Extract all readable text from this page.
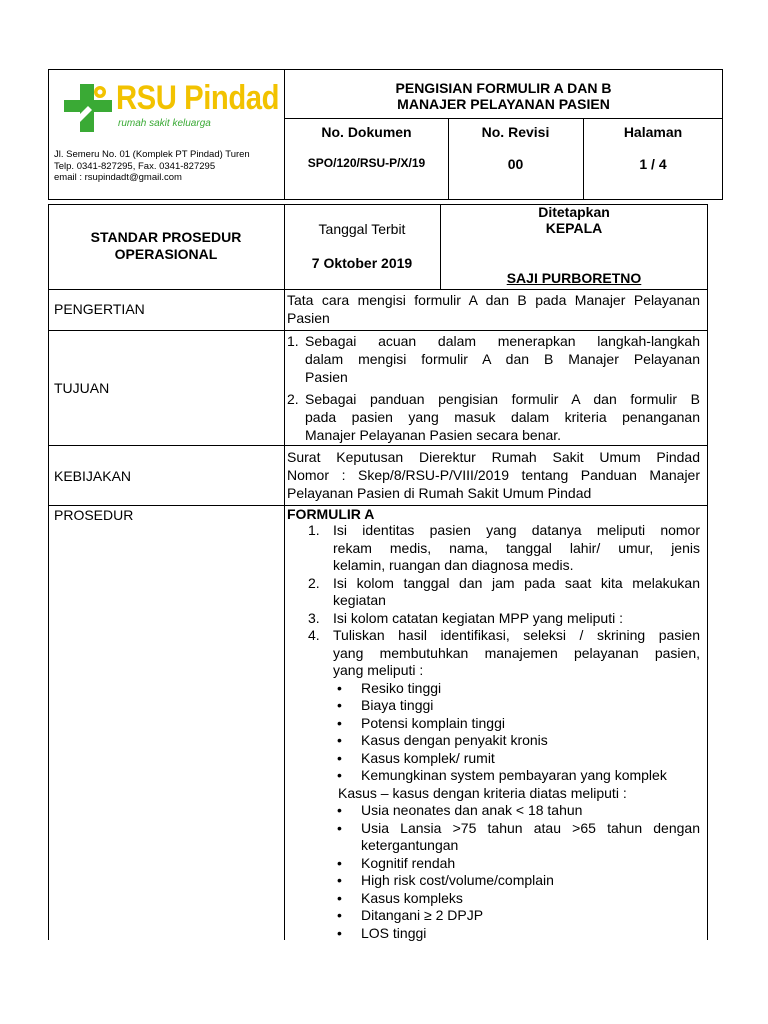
RSU Pindad
rumah sakit keluarga
Jl. Semeru No. 01 (Komplek PT Pindad) Turen
Telp. 0341-827295, Fax. 0341-827295
email : rsupindadt@gmail.com
PENGISIAN FORMULIR A DAN B
MANAJER PELAYANAN PASIEN
No. Dokumen
SPO/120/RSU-P/X/19
No. Revisi
00
Halaman
1 / 4
STANDAR PROSEDUR
OPERASIONAL
Tanggal Terbit
7 Oktober 2019
Ditetapkan
KEPALA
SAJI PURBORETNO
PENGERTIAN
Tata cara mengisi formulir A dan B pada Manajer Pelayanan
Pasien
TUJUAN
1. Sebagai acuan dalam menerapkan langkah-langkah
dalam mengisi formulir A dan B Manajer Pelayanan
Pasien
2. Sebagai panduan pengisian formulir A dan formulir B
pada pasien yang masuk dalam kriteria penanganan
Manajer Pelayanan Pasien secara benar.
KEBIJAKAN
Surat Keputusan Dierektur Rumah Sakit Umum Pindad
Nomor : Skep/8/RSU-P/VIII/2019 tentang Panduan Manajer
Pelayanan Pasien di Rumah Sakit Umum Pindad
PROSEDUR	FORMULIR A
1. Isi identitas pasien yang datanya meliputi nomor
rekam medis, nama, tanggal lahir/ umur, jenis
kelamin, ruangan dan diagnosa medis.
2. Isi kolom tanggal dan jam pada saat kita melakukan
kegiatan
3. Isi kolom catatan kegiatan MPP yang meliputi :
4. Tuliskan hasil identifikasi, seleksi / skrining pasien
yang membutuhkan manajemen pelayanan pasien,
yang meliputi :
• Resiko tinggi
• Biaya tinggi
• Potensi komplain tinggi
• Kasus dengan penyakit kronis
• Kasus komplek/ rumit
• Kemungkinan system pembayaran yang komplek
Kasus – kasus dengan kriteria diatas meliputi :
• Usia neonates dan anak < 18 tahun
• Usia Lansia >75 tahun atau >65 tahun dengan
ketergantungan
• Kognitif rendah
• High risk cost/volume/complain
• Kasus kompleks
• Ditangani ≥ 2 DPJP
• LOS tinggi
